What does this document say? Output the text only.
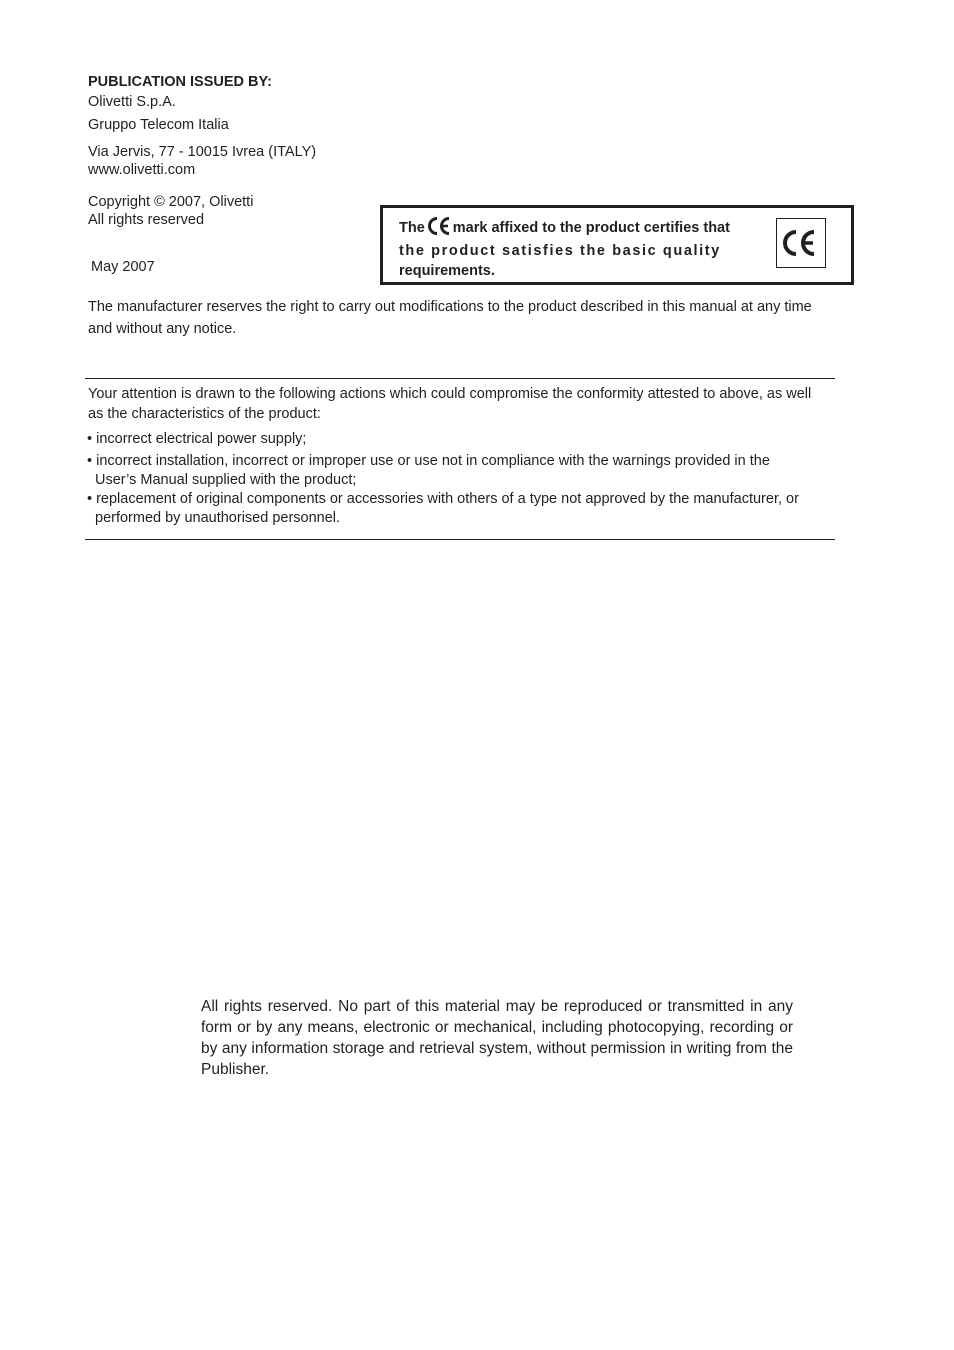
PUBLICATION ISSUED BY:
Olivetti S.p.A.
Gruppo Telecom Italia
Via Jervis, 77 - 10015 Ivrea (ITALY)
www.olivetti.com
Copyright © 2007, Olivetti
All rights reserved
May 2007
The mark affixed to the product certifies that
the product satisfies the basic quality
requirements.
The manufacturer reserves the right to carry out modifications to the product described in this manual at any time
and without any notice.
Your attention is drawn to the following actions which could compromise the conformity attested to above, as well
as the characteristics of the product:
• incorrect electrical power supply;
• incorrect installation, incorrect or improper use or use not in compliance with the warnings provided in the
User’s Manual supplied with the product;
• replacement of original components or accessories with others of a type not approved by the manufacturer, or
performed by unauthorised personnel.
All rights reserved. No part of this material may be reproduced or transmitted in any form or by any means, electronic or mechanical, including photocopying, recording or by any information storage and retrieval system, without permission in writing from the Publisher.
